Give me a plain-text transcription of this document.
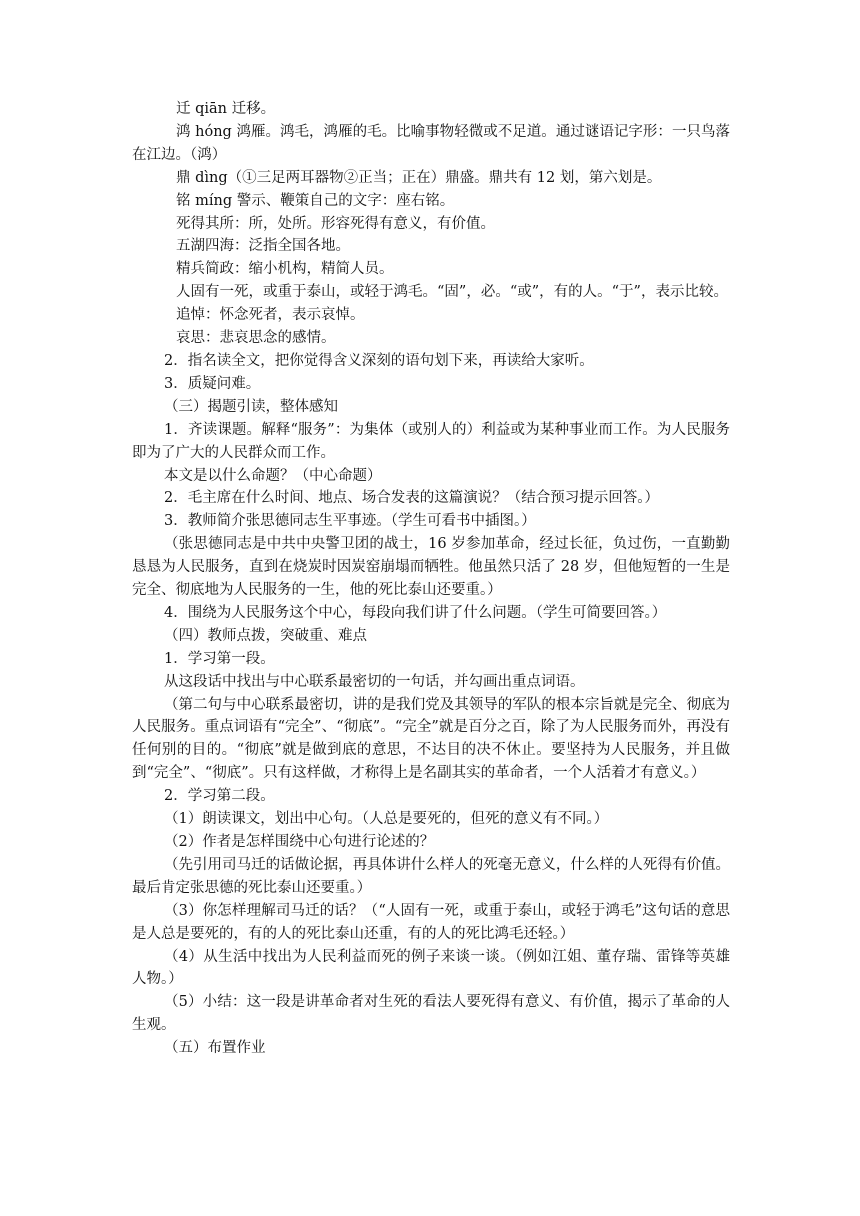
迁 qiān 迁移。

鸿 hóng 鸿雁。鸿毛，鸿雁的毛。比喻事物轻微或不足道。通过谜语记字形：一只鸟落在江边。（鸿）

鼎 dìng（①三足两耳器物②正当；正在）鼎盛。鼎共有 12 划，第六划是。

铭 míng 警示、鞭策自己的文字：座右铭。

死得其所：所，处所。形容死得有意义，有价值。

五湖四海：泛指全国各地。

精兵简政：缩小机构，精简人员。

人固有一死，或重于泰山，或轻于鸿毛。“固”，必。“或”，有的人。“于”，表示比较。

追悼：怀念死者，表示哀悼。

哀思：悲哀思念的感情。

2．指名读全文，把你觉得含义深刻的语句划下来，再读给大家听。

3．质疑问难。

（三）揭题引读，整体感知

1．齐读课题。解释“服务”：为集体（或别人的）利益或为某种事业而工作。为人民服务即为了广大的人民群众而工作。

本文是以什么命题？（中心命题）

2．毛主席在什么时间、地点、场合发表的这篇演说？（结合预习提示回答。）

3．教师简介张思德同志生平事迹。（学生可看书中插图。）

（张思德同志是中共中央警卫团的战士，16 岁参加革命，经过长征，负过伤，一直勤勤恳恳为人民服务，直到在烧炭时因炭窑崩塌而牺牲。他虽然只活了 28 岁，但他短暂的一生是完全、彻底地为人民服务的一生，他的死比泰山还要重。）

4．围绕为人民服务这个中心，每段向我们讲了什么问题。（学生可简要回答。）

（四）教师点拨，突破重、难点

1．学习第一段。

从这段话中找出与中心联系最密切的一句话，并勾画出重点词语。

（第二句与中心联系最密切，讲的是我们党及其领导的军队的根本宗旨就是完全、彻底为人民服务。重点词语有“完全”、“彻底”。“完全”就是百分之百，除了为人民服务而外，再没有任何别的目的。“彻底”就是做到底的意思，不达目的决不休止。要坚持为人民服务，并且做到“完全”、“彻底”。只有这样做，才称得上是名副其实的革命者，一个人活着才有意义。）

2．学习第二段。

（1）朗读课文，划出中心句。（人总是要死的，但死的意义有不同。）

（2）作者是怎样围绕中心句进行论述的？

（先引用司马迁的话做论据，再具体讲什么样人的死毫无意义，什么样的人死得有价值。最后肯定张思德的死比泰山还要重。）

（3）你怎样理解司马迁的话？（“人固有一死，或重于泰山，或轻于鸿毛”这句话的意思是人总是要死的，有的人的死比泰山还重，有的人的死比鸿毛还轻。）

（4）从生活中找出为人民利益而死的例子来谈一谈。（例如江姐、董存瑞、雷锋等英雄人物。）

（5）小结：这一段是讲革命者对生死的看法人要死得有意义、有价值，揭示了革命的人生观。

（五）布置作业
